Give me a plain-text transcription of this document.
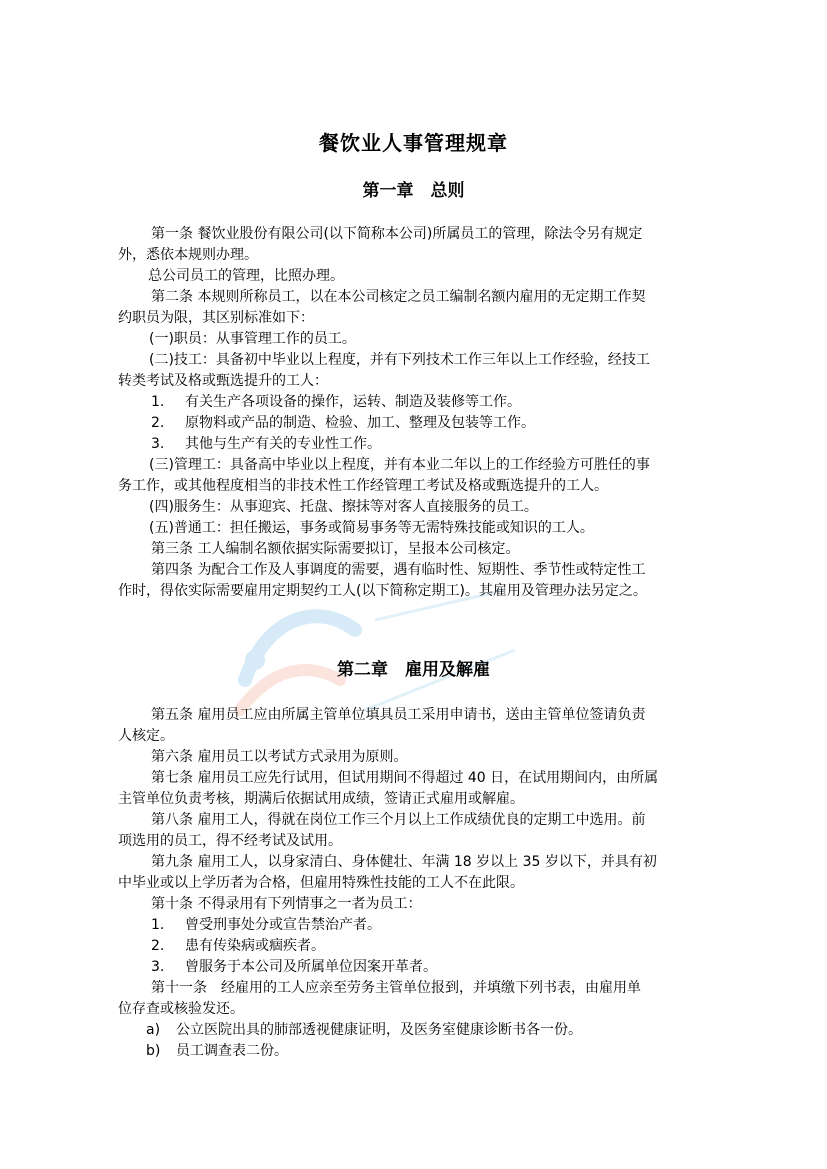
餐饮业人事管理规章
第一章　总则
第一条 餐饮业股份有限公司(以下简称本公司)所属员工的管理，除法令另有规定
外，悉依本规则办理。
总公司员工的管理，比照办理。
第二条 本规则所称员工，以在本公司核定之员工编制名额内雇用的无定期工作契
约职员为限，其区别标准如下：
(一)职员：从事管理工作的员工。
(二)技工：具备初中毕业以上程度，并有下列技术工作三年以上工作经验，经技工
转类考试及格或甄选提升的工人：
1. 有关生产各项设备的操作，运转、制造及装修等工作。
2. 原物料或产品的制造、检验、加工、整理及包装等工作。
3. 其他与生产有关的专业性工作。
(三)管理工：具备高中毕业以上程度，并有本业二年以上的工作经验方可胜任的事
务工作，或其他程度相当的非技术性工作经管理工考试及格或甄选提升的工人。
(四)服务生：从事迎宾、托盘、擦抹等对客人直接服务的员工。
(五)普通工：担任搬运，事务或简易事务等无需特殊技能或知识的工人。
第三条 工人编制名额依据实际需要拟订，呈报本公司核定。
第四条 为配合工作及人事调度的需要，遇有临时性、短期性、季节性或特定性工
作时，得依实际需要雇用定期契约工人(以下简称定期工)。其雇用及管理办法另定之。
第二章　雇用及解雇
第五条 雇用员工应由所属主管单位填具员工采用申请书，送由主管单位签请负责
人核定。
第六条 雇用员工以考试方式录用为原则。
第七条 雇用员工应先行试用，但试用期间不得超过 40 日，在试用期间内，由所属
主管单位负责考核，期满后依据试用成绩，签请正式雇用或解雇。
第八条 雇用工人，得就在岗位工作三个月以上工作成绩优良的定期工中选用。前
项选用的员工，得不经考试及试用。
第九条 雇用工人，以身家清白、身体健壮、年满 18 岁以上 35 岁以下，并具有初
中毕业或以上学历者为合格，但雇用特殊性技能的工人不在此限。
第十条 不得录用有下列情事之一者为员工：
1. 曾受刑事处分或宣告禁治产者。
2. 患有传染病或痼疾者。
3. 曾服务于本公司及所属单位因案开革者。
第十一条　经雇用的工人应亲至劳务主管单位报到，并填缴下列书表，由雇用单
位存查或核验发还。
a) 公立医院出具的肺部透视健康证明，及医务室健康诊断书各一份。
b) 员工调查表二份。
